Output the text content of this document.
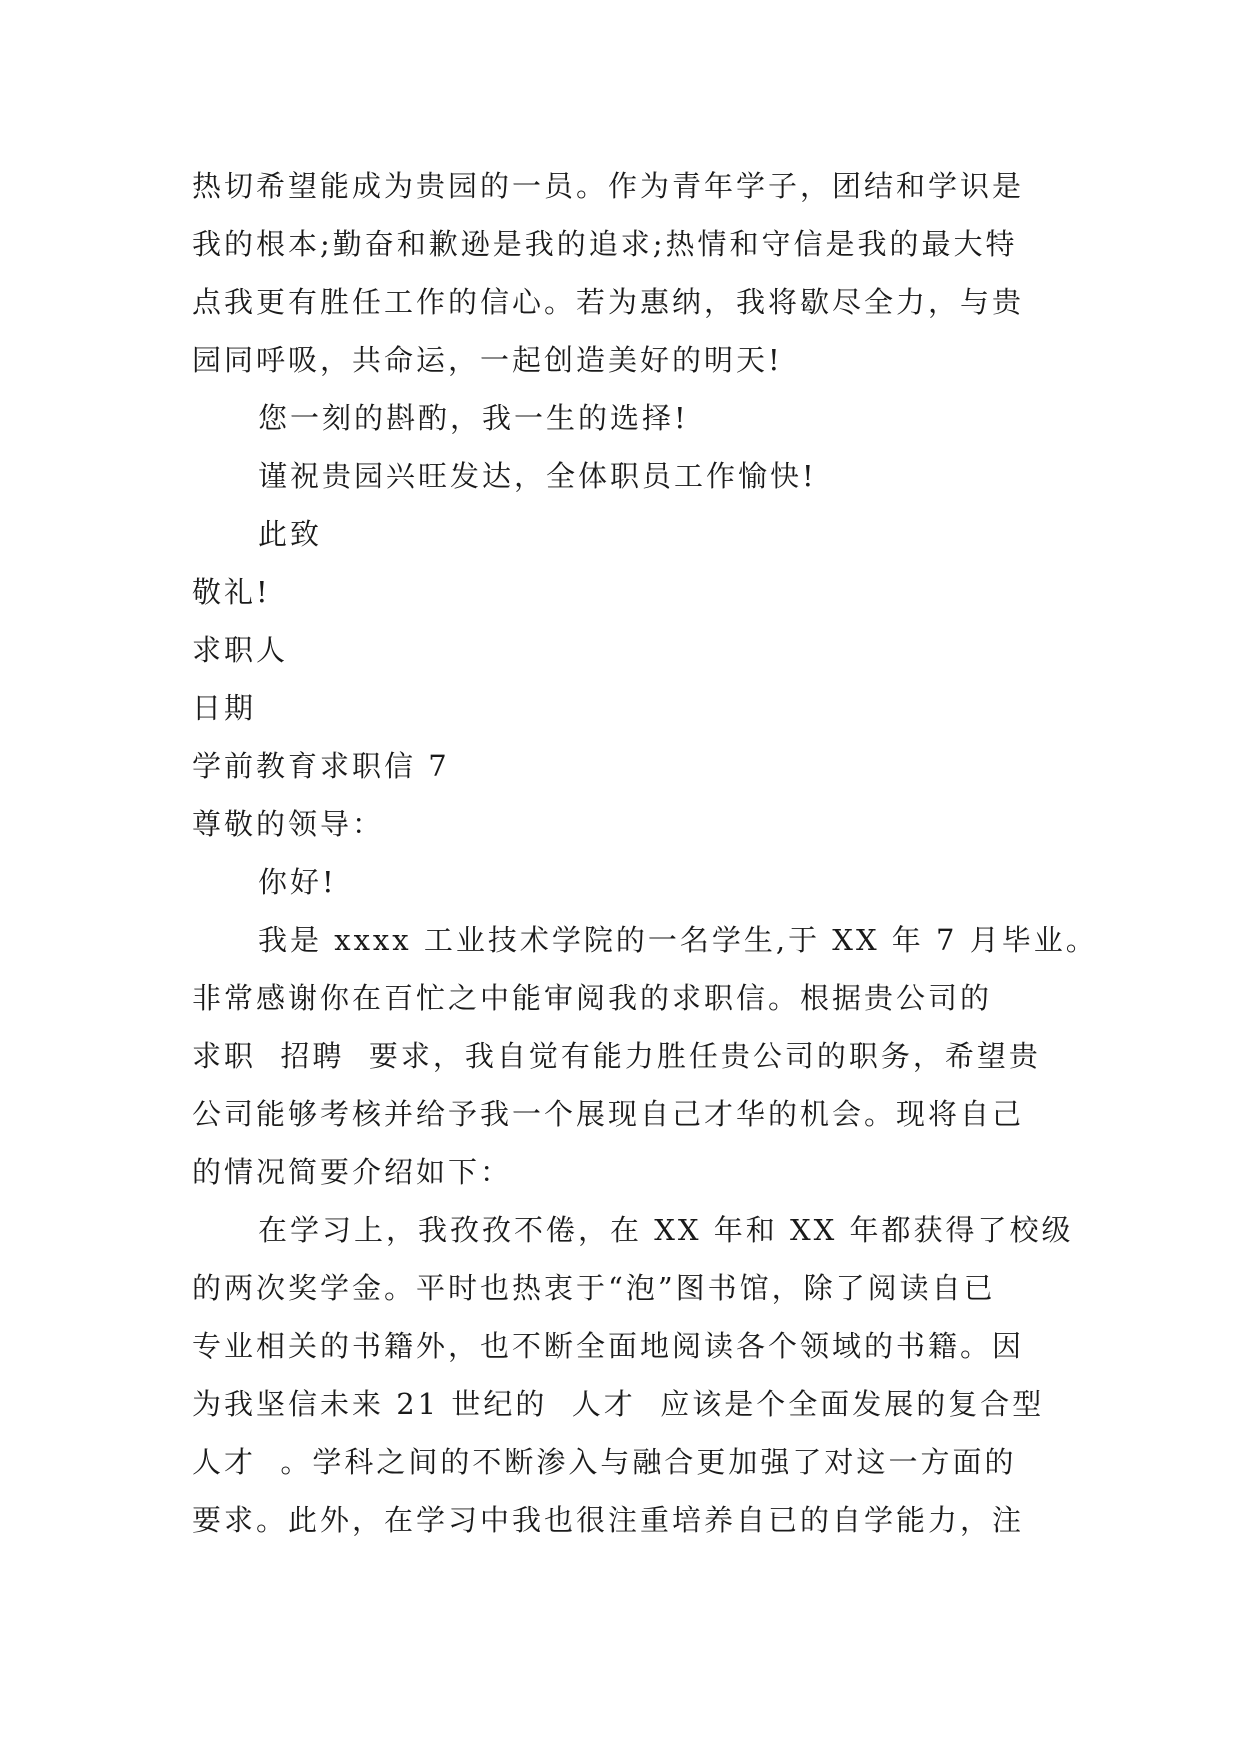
热切希望能成为贵园的一员。作为青年学子，团结和学识是
我的根本;勤奋和歉逊是我的追求;热情和守信是我的最大特
点我更有胜任工作的信心。若为惠纳，我将歇尽全力，与贵
园同呼吸，共命运，一起创造美好的明天!
您一刻的斟酌，我一生的选择!
谨祝贵园兴旺发达，全体职员工作愉快!
此致
敬礼!
求职人
日期
学前教育求职信 7
尊敬的领导：
你好!
我是 xxxx 工业技术学院的一名学生,于 XX 年 7 月毕业。
非常感谢你在百忙之中能审阅我的求职信。根据贵公司的
求职  招聘  要求，我自觉有能力胜任贵公司的职务，希望贵
公司能够考核并给予我一个展现自己才华的机会。现将自己
的情况简要介绍如下：
在学习上，我孜孜不倦，在 XX 年和 XX 年都获得了校级
的两次奖学金。平时也热衷于“泡”图书馆，除了阅读自已
专业相关的书籍外，也不断全面地阅读各个领域的书籍。因
为我坚信未来 21 世纪的  人才  应该是个全面发展的复合型
人才  。学科之间的不断渗入与融合更加强了对这一方面的
要求。此外，在学习中我也很注重培养自已的自学能力，注
